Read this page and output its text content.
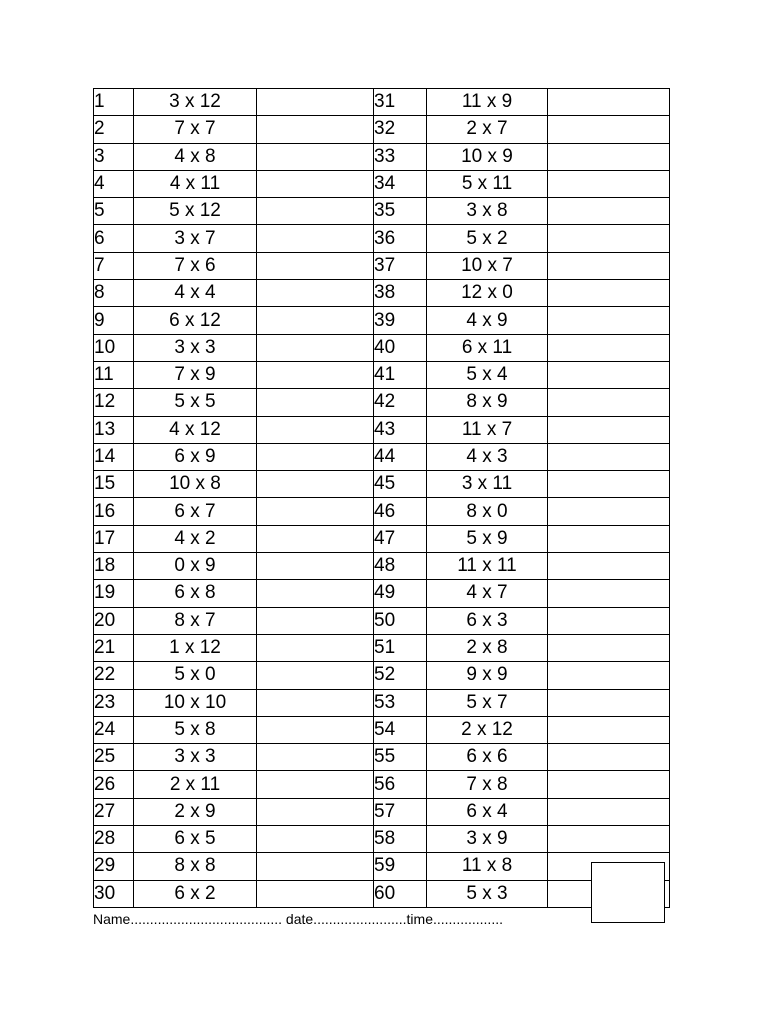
1	3 x 12		31	11 x 9	
2	7 x 7		32	2 x 7	
3	4 x 8		33	10 x 9	
4	4 x 11		34	5 x 11	
5	5 x 12		35	3 x 8	
6	3 x 7		36	5 x 2	
7	7 x 6		37	10 x 7	
8	4 x 4		38	12 x 0	
9	6 x 12		39	4 x 9	
10	3 x 3		40	6 x 11	
11	7 x 9		41	5 x 4	
12	5 x 5		42	8 x 9	
13	4 x 12		43	11 x 7	
14	6 x 9		44	4 x 3	
15	10 x 8		45	3 x 11	
16	6 x 7		46	8 x 0	
17	4 x 2		47	5 x 9	
18	0 x 9		48	11 x 11	
19	6 x 8		49	4 x 7	
20	8 x 7		50	6 x 3	
21	1 x 12		51	2 x 8	
22	5 x 0		52	9 x 9	
23	10 x 10		53	5 x 7	
24	5 x 8		54	2 x 12	
25	3 x 3		55	6 x 6	
26	2 x 11		56	7 x 8	
27	2 x 9		57	6 x 4	
28	6 x 5		58	3 x 9	
29	8 x 8		59	11 x 8	
30	6 x 2		60	5 x 3	
Name....................................... date........................time..................
